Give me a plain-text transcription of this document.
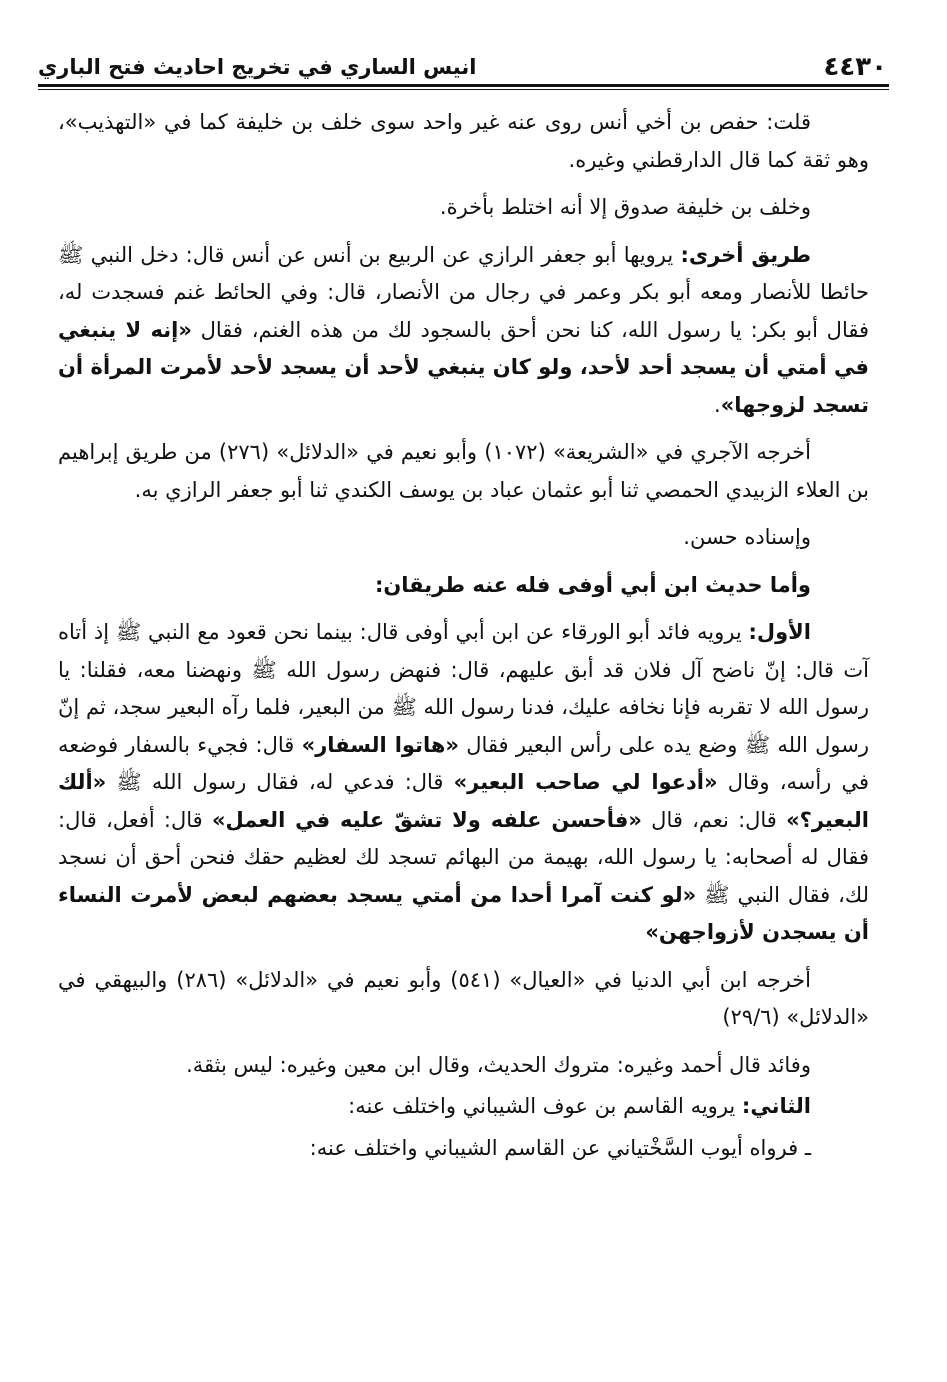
٤٤٣٠
انيس الساري في تخريج احاديث فتح الباري

قلت: حفص بن أخي أنس روى عنه غير واحد سوى خلف بن خليفة كما في «التهذيب»، وهو ثقة كما قال الدارقطني وغيره.

وخلف بن خليفة صدوق إلا أنه اختلط بأخرة.

طريق أخرى: يرويها أبو جعفر الرازي عن الربيع بن أنس عن أنس قال: دخل النبي ﷺ حائطا للأنصار ومعه أبو بكر وعمر في رجال من الأنصار، قال: وفي الحائط غنم فسجدت له، فقال أبو بكر: يا رسول الله، كنا نحن أحق بالسجود لك من هذه الغنم، فقال «إنه لا ينبغي في أمتي أن يسجد أحد لأحد، ولو كان ينبغي لأحد أن يسجد لأحد لأمرت المرأة أن تسجد لزوجها».

أخرجه الآجري في «الشريعة» (١٠٧٢) وأبو نعيم في «الدلائل» (٢٧٦) من طريق إبراهيم بن العلاء الزبيدي الحمصي ثنا أبو عثمان عباد بن يوسف الكندي ثنا أبو جعفر الرازي به.

وإسناده حسن.

وأما حديث ابن أبي أوفى فله عنه طريقان:

الأول: يرويه فائد أبو الورقاء عن ابن أبي أوفى قال: بينما نحن قعود مع النبي ﷺ إذ أتاه آت قال: إنّ ناضح آل فلان قد أبق عليهم، قال: فنهض رسول الله ﷺ ونهضنا معه، فقلنا: يا رسول الله لا تقربه فإنا نخافه عليك، فدنا رسول الله ﷺ من البعير، فلما رآه البعير سجد، ثم إنّ رسول الله ﷺ وضع يده على رأس البعير فقال «هاتوا السفار» قال: فجيء بالسفار فوضعه في رأسه، وقال «أدعوا لي صاحب البعير» قال: فدعي له، فقال رسول الله ﷺ «ألك البعير؟» قال: نعم، قال «فأحسن علفه ولا تشقّ عليه في العمل» قال: أفعل، قال: فقال له أصحابه: يا رسول الله، بهيمة من البهائم تسجد لك لعظيم حقك فنحن أحق أن نسجد لك، فقال النبي ﷺ «لو كنت آمرا أحدا من أمتي يسجد بعضهم لبعض لأمرت النساء أن يسجدن لأزواجهن»

أخرجه ابن أبي الدنيا في «العيال» (٥٤١) وأبو نعيم في «الدلائل» (٢٨٦) والبيهقي في «الدلائل» (٢٩/٦)

وفائد قال أحمد وغيره: متروك الحديث، وقال ابن معين وغيره: ليس بثقة.

الثاني: يرويه القاسم بن عوف الشيباني واختلف عنه:

ـ فرواه أيوب السَّخْتياني عن القاسم الشيباني واختلف عنه:
